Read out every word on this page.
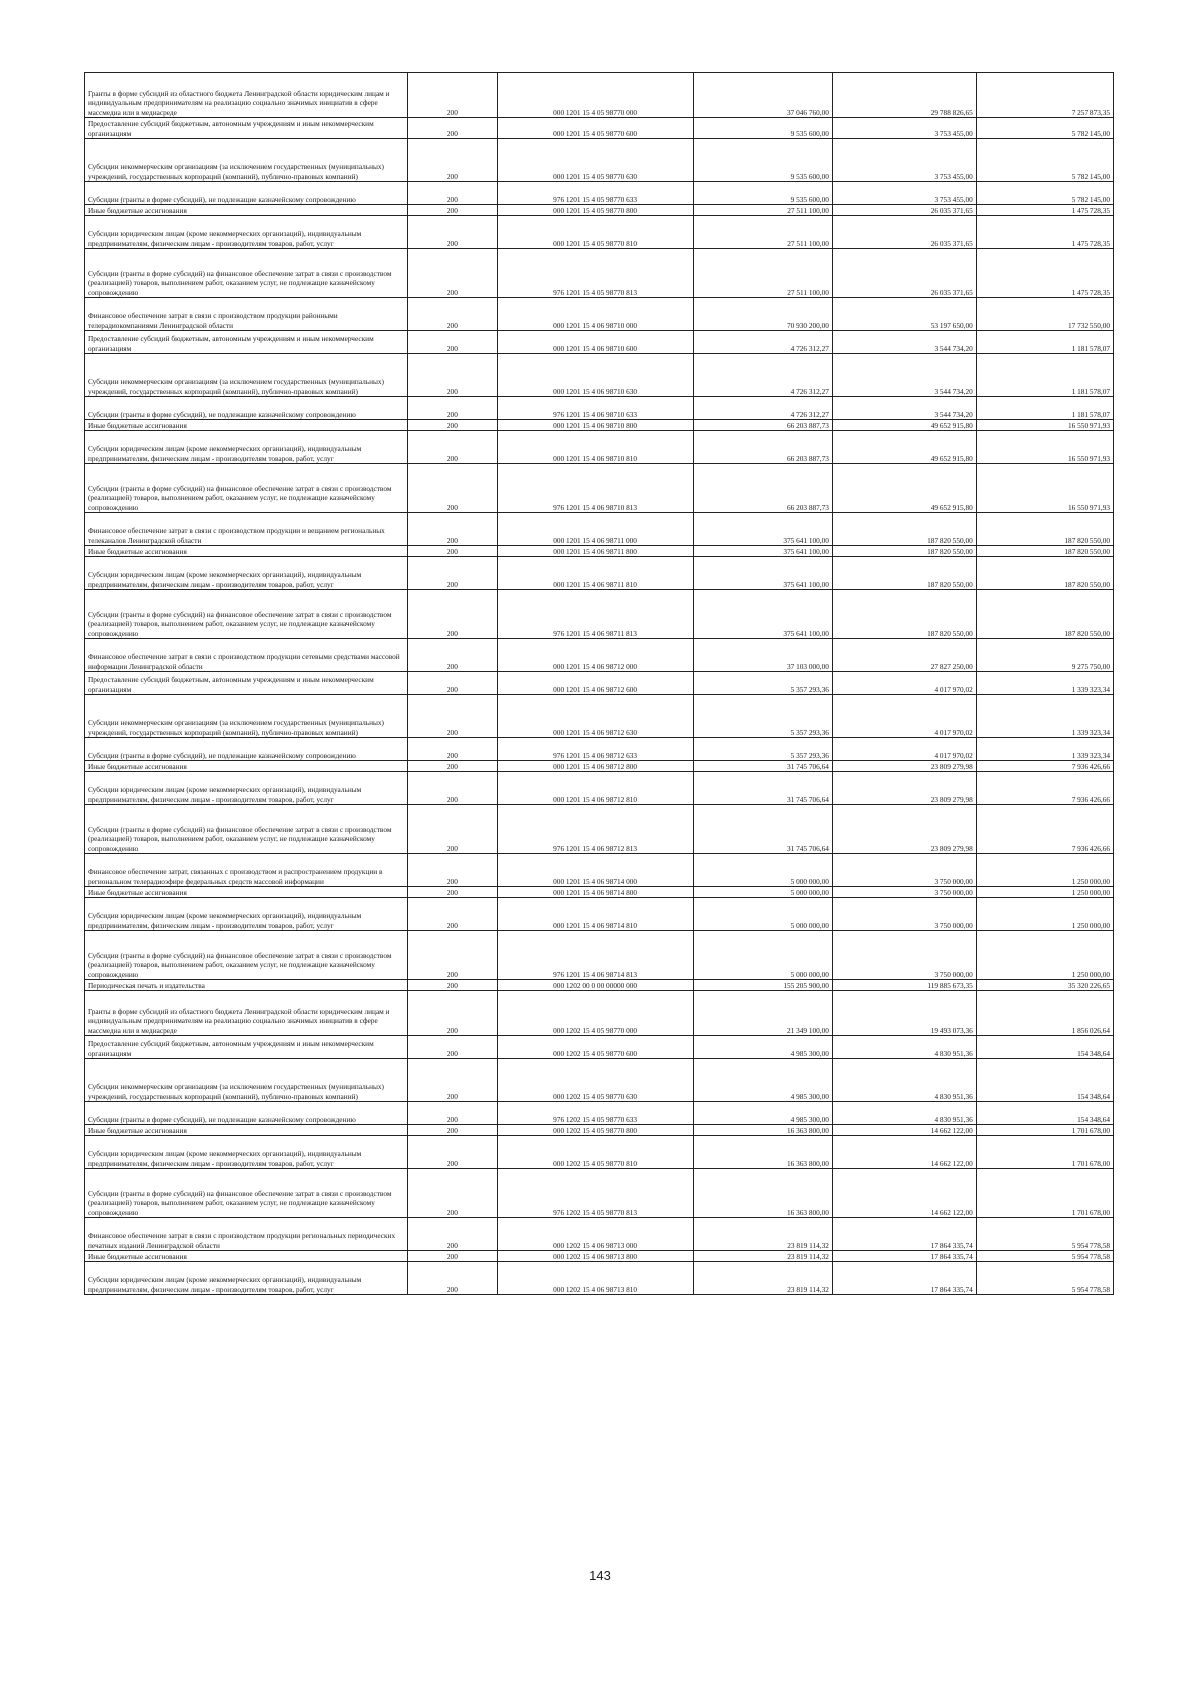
Гранты в форме субсидий из областного бюджета Ленинградской области юридическим лицам и индивидуальным предпринимателям на реализацию социально значимых инициатив в сфере массмедиа или в медиасреде	200	000 1201 15 4 05 98770 000	37 046 760,00	29 788 826,65	7 257 873,35
Предоставление субсидий бюджетным, автономным учреждениям и иным некоммерческим организациям	200	000 1201 15 4 05 98770 600	9 535 600,00	3 753 455,00	5 782 145,00
Субсидии некоммерческим организациям (за исключением государственных (муниципальных) учреждений, государственных корпораций (компаний), публично-правовых компаний)	200	000 1201 15 4 05 98770 630	9 535 600,00	3 753 455,00	5 782 145,00
Субсидии (гранты в форме субсидий), не подлежащие казначейскому сопровождению	200	976 1201 15 4 05 98770 633	9 535 600,00	3 753 455,00	5 782 145,00
Иные бюджетные ассигнования	200	000 1201 15 4 05 98770 800	27 511 100,00	26 035 371,65	1 475 728,35
Субсидии юридическим лицам (кроме некоммерческих организаций), индивидуальным предпринимателям, физическим лицам - производителям товаров, работ, услуг	200	000 1201 15 4 05 98770 810	27 511 100,00	26 035 371,65	1 475 728,35
Субсидии (гранты в форме субсидий) на финансовое обеспечение затрат в связи с производством (реализацией) товаров, выполнением работ, оказанием услуг, не подлежащие казначейскому сопровождению	200	976 1201 15 4 05 98770 813	27 511 100,00	26 035 371,65	1 475 728,35
Финансовое обеспечение затрат в связи с производством продукции районными телерадиокомпаниями Ленинградской области	200	000 1201 15 4 06 98710 000	70 930 200,00	53 197 650,00	17 732 550,00
Предоставление субсидий бюджетным, автономным учреждениям и иным некоммерческим организациям	200	000 1201 15 4 06 98710 600	4 726 312,27	3 544 734,20	1 181 578,07
Субсидии некоммерческим организациям (за исключением государственных (муниципальных) учреждений, государственных корпораций (компаний), публично-правовых компаний)	200	000 1201 15 4 06 98710 630	4 726 312,27	3 544 734,20	1 181 578,07
Субсидии (гранты в форме субсидий), не подлежащие казначейскому сопровождению	200	976 1201 15 4 06 98710 633	4 726 312,27	3 544 734,20	1 181 578,07
Иные бюджетные ассигнования	200	000 1201 15 4 06 98710 800	66 203 887,73	49 652 915,80	16 550 971,93
Субсидии юридическим лицам (кроме некоммерческих организаций), индивидуальным предпринимателям, физическим лицам - производителям товаров, работ, услуг	200	000 1201 15 4 06 98710 810	66 203 887,73	49 652 915,80	16 550 971,93
Субсидии (гранты в форме субсидий) на финансовое обеспечение затрат в связи с производством (реализацией) товаров, выполнением работ, оказанием услуг, не подлежащие казначейскому сопровождению	200	976 1201 15 4 06 98710 813	66 203 887,73	49 652 915,80	16 550 971,93
Финансовое обеспечение затрат в связи с производством продукции и вещанием региональных телеканалов Ленинградской области	200	000 1201 15 4 06 98711 000	375 641 100,00	187 820 550,00	187 820 550,00
Иные бюджетные ассигнования	200	000 1201 15 4 06 98711 800	375 641 100,00	187 820 550,00	187 820 550,00
Субсидии юридическим лицам (кроме некоммерческих организаций), индивидуальным предпринимателям, физическим лицам - производителям товаров, работ, услуг	200	000 1201 15 4 06 98711 810	375 641 100,00	187 820 550,00	187 820 550,00
Субсидии (гранты в форме субсидий) на финансовое обеспечение затрат в связи с производством (реализацией) товаров, выполнением работ, оказанием услуг, не подлежащие казначейскому сопровождению	200	976 1201 15 4 06 98711 813	375 641 100,00	187 820 550,00	187 820 550,00
Финансовое обеспечение затрат в связи с производством продукции сетевыми средствами массовой информации Ленинградской области	200	000 1201 15 4 06 98712 000	37 103 000,00	27 827 250,00	9 275 750,00
Предоставление субсидий бюджетным, автономным учреждениям и иным некоммерческим организациям	200	000 1201 15 4 06 98712 600	5 357 293,36	4 017 970,02	1 339 323,34
Субсидии некоммерческим организациям (за исключением государственных (муниципальных) учреждений, государственных корпораций (компаний), публично-правовых компаний)	200	000 1201 15 4 06 98712 630	5 357 293,36	4 017 970,02	1 339 323,34
Субсидии (гранты в форме субсидий), не подлежащие казначейскому сопровождению	200	976 1201 15 4 06 98712 633	5 357 293,36	4 017 970,02	1 339 323,34
Иные бюджетные ассигнования	200	000 1201 15 4 06 98712 800	31 745 706,64	23 809 279,98	7 936 426,66
Субсидии юридическим лицам (кроме некоммерческих организаций), индивидуальным предпринимателям, физическим лицам - производителям товаров, работ, услуг	200	000 1201 15 4 06 98712 810	31 745 706,64	23 809 279,98	7 936 426,66
Субсидии (гранты в форме субсидий) на финансовое обеспечение затрат в связи с производством (реализацией) товаров, выполнением работ, оказанием услуг, не подлежащие казначейскому сопровождению	200	976 1201 15 4 06 98712 813	31 745 706,64	23 809 279,98	7 936 426,66
Финансовое обеспечение затрат, связанных с производством и распространением продукции в региональном телерадиоэфире федеральных средств массовой информации	200	000 1201 15 4 06 98714 000	5 000 000,00	3 750 000,00	1 250 000,00
Иные бюджетные ассигнования	200	000 1201 15 4 06 98714 800	5 000 000,00	3 750 000,00	1 250 000,00
Субсидии юридическим лицам (кроме некоммерческих организаций), индивидуальным предпринимателям, физическим лицам - производителям товаров, работ, услуг	200	000 1201 15 4 06 98714 810	5 000 000,00	3 750 000,00	1 250 000,00
Субсидии (гранты в форме субсидий) на финансовое обеспечение затрат в связи с производством (реализацией) товаров, выполнением работ, оказанием услуг, не подлежащие казначейскому сопровождению	200	976 1201 15 4 06 98714 813	5 000 000,00	3 750 000,00	1 250 000,00
Периодическая печать и издательства	200	000 1202 00 0 00 00000 000	155 205 900,00	119 885 673,35	35 320 226,65
Гранты в форме субсидий из областного бюджета Ленинградской области юридическим лицам и индивидуальным предпринимателям на реализацию социально значимых инициатив в сфере массмедиа или в медиасреде	200	000 1202 15 4 05 98770 000	21 349 100,00	19 493 073,36	1 856 026,64
Предоставление субсидий бюджетным, автономным учреждениям и иным некоммерческим организациям	200	000 1202 15 4 05 98770 600	4 985 300,00	4 830 951,36	154 348,64
Субсидии некоммерческим организациям (за исключением государственных (муниципальных) учреждений, государственных корпораций (компаний), публично-правовых компаний)	200	000 1202 15 4 05 98770 630	4 985 300,00	4 830 951,36	154 348,64
Субсидии (гранты в форме субсидий), не подлежащие казначейскому сопровождению	200	976 1202 15 4 05 98770 633	4 985 300,00	4 830 951,36	154 348,64
Иные бюджетные ассигнования	200	000 1202 15 4 05 98770 800	16 363 800,00	14 662 122,00	1 701 678,00
Субсидии юридическим лицам (кроме некоммерческих организаций), индивидуальным предпринимателям, физическим лицам - производителям товаров, работ, услуг	200	000 1202 15 4 05 98770 810	16 363 800,00	14 662 122,00	1 701 678,00
Субсидии (гранты в форме субсидий) на финансовое обеспечение затрат в связи с производством (реализацией) товаров, выполнением работ, оказанием услуг, не подлежащие казначейскому сопровождению	200	976 1202 15 4 05 98770 813	16 363 800,00	14 662 122,00	1 701 678,00
Финансовое обеспечение затрат в связи с производством продукции региональных периодических печатных изданий Ленинградской области	200	000 1202 15 4 06 98713 000	23 819 114,32	17 864 335,74	5 954 778,58
Иные бюджетные ассигнования	200	000 1202 15 4 06 98713 800	23 819 114,32	17 864 335,74	5 954 778,58
Субсидии юридическим лицам (кроме некоммерческих организаций), индивидуальным предпринимателям, физическим лицам - производителям товаров, работ, услуг	200	000 1202 15 4 06 98713 810	23 819 114,32	17 864 335,74	5 954 778,58
143
